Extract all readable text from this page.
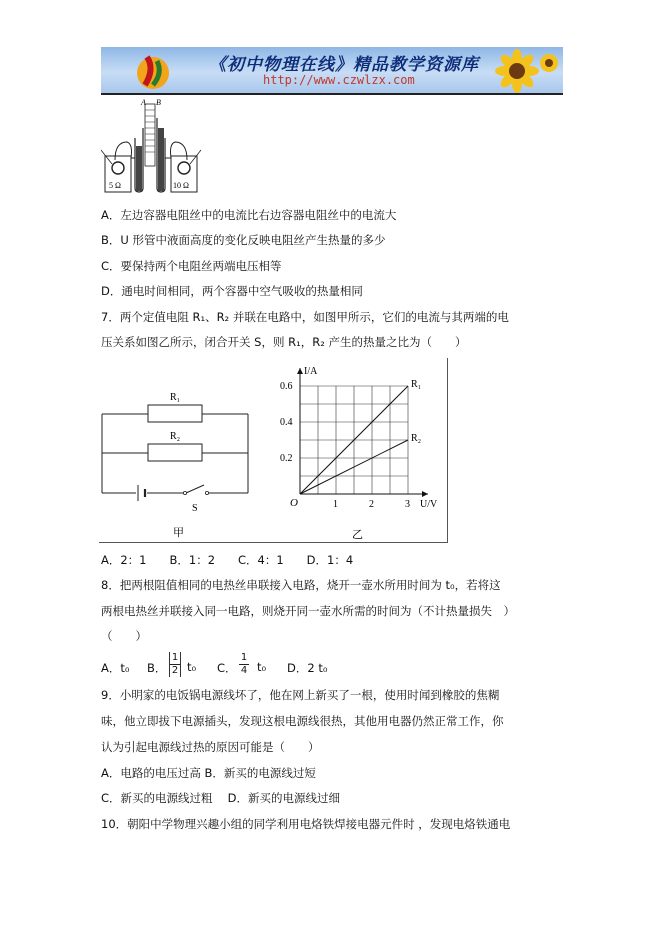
《初中物理在线》精品教学资源库
http://www.czwlzx.com
A B
5 Ω	10 Ω
A．左边容器电阻丝中的电流比右边容器电阻丝中的电流大
B．U 形管中液面高度的变化反映电阻丝产生热量的多少
C．要保持两个电阻丝两端电压相等
D．通电时间相同，两个容器中空气吸收的热量相同
7．两个定值电阻 R₁、R₂ 并联在电路中，如图甲所示，它们的电流与其两端的电
压关系如图乙所示，闭合开关 S，则 R₁，R₂ 产生的热量之比为（　　）
R₁
R₂
S
甲
1	2	3
0.2
0.4
0.6
O	U/V
I/A
R₁
R₂
乙
A．2：1　　B．1：2　　C．4：1　　D．1：4
8．把两根阻值相同的电热丝串联接入电路，烧开一壶水所用时间为 t₀，若将这
两根电热丝并联接入同一电路，则烧开同一壶水所需的时间为（不计热量损失　）
（　　）
A．t₀ B． $\frac{1}{2} t_0$ C． $\frac{1}{4} t_0$ D．2 t₀
9．小明家的电饭锅电源线坏了，他在网上新买了一根，使用时闻到橡胶的焦糊
味，他立即拔下电源插头，发现这根电源线很热，其他用电器仍然正常工作，你
认为引起电源线过热的原因可能是（　　）
A．电路的电压过高 B．新买的电源线过短
C．新买的电源线过粗　 D．新买的电源线过细
10．朝阳中学物理兴趣小组的同学利用电烙铁焊接电器元件时 ，发现电烙铁通电
